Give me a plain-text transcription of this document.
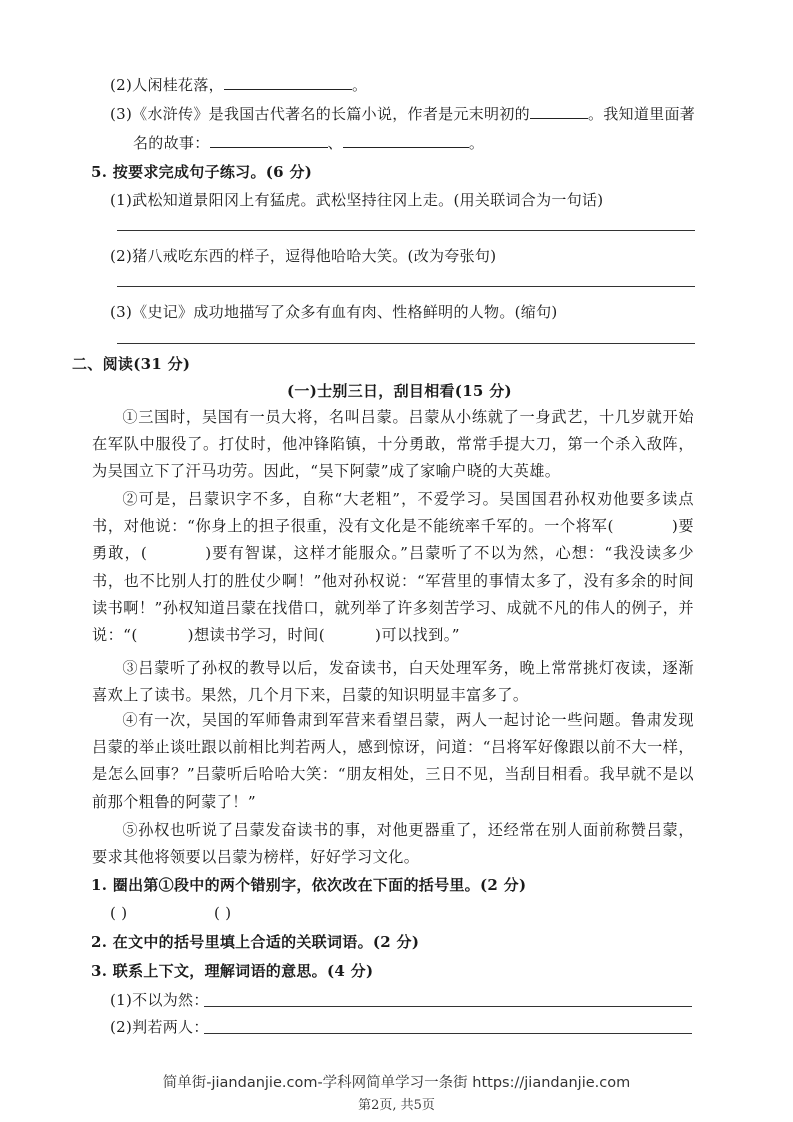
(2)人闲桂花落，	。
(3)《水浒传》是我国古代著名的长篇小说，作者是元末明初的	。我知道里面著
名的故事：	、	。
5. 按要求完成句子练习。(6 分)
(1)武松知道景阳冈上有猛虎。武松坚持往冈上走。(用关联词合为一句话)
(2)猪八戒吃东西的样子，逗得他哈哈大笑。(改为夸张句)
(3)《史记》成功地描写了众多有血有肉、性格鲜明的人物。(缩句)
二、阅读(31 分)
(一)士别三日，刮目相看(15 分)
①三国时，吴国有一员大将，名叫吕蒙。吕蒙从小练就了一身武艺，十几岁就开始在军队中服役了。打仗时，他冲锋陷镇，十分勇敢，常常手提大刀，第一个杀入敌阵，为吴国立下了汗马功劳。因此，“吴下阿蒙”成了家喻户晓的大英雄。
②可是，吕蒙识字不多，自称“大老粗”，不爱学习。吴国国君孙权劝他要多读点书，对他说：“你身上的担子很重，没有文化是不能统率千军的。一个将军(	)要勇敢，(	)要有智谋，这样才能服众。”吕蒙听了不以为然，心想：“我没读多少书，也不比别人打的胜仗少啊！”他对孙权说：“军营里的事情太多了，没有多余的时间读书啊！”孙权知道吕蒙在找借口，就列举了许多刻苦学习、成就不凡的伟人的例子，并说：“(	)想读书学习，时间(	)可以找到。”
③吕蒙听了孙权的教导以后，发奋读书，白天处理军务，晚上常常挑灯夜读，逐渐喜欢上了读书。果然，几个月下来，吕蒙的知识明显丰富多了。
④有一次，吴国的军师鲁肃到军营来看望吕蒙，两人一起讨论一些问题。鲁肃发现吕蒙的举止谈吐跟以前相比判若两人，感到惊讶，问道：“吕将军好像跟以前不大一样，是怎么回事？”吕蒙听后哈哈大笑：“朋友相处，三日不见，当刮目相看。我早就不是以前那个粗鲁的阿蒙了！”
⑤孙权也听说了吕蒙发奋读书的事，对他更器重了，还经常在别人面前称赞吕蒙，要求其他将领要以吕蒙为榜样，好好学习文化。
1. 圈出第①段中的两个错别字，依次改在下面的括号里。(2 分)
( )	( )
2. 在文中的括号里填上合适的关联词语。(2 分)
3. 联系上下文，理解词语的意思。(4 分)
(1)不以为然：
(2)判若两人：
简单街-jiandanjie.com-学科网简单学习一条街 https://jiandanjie.com
第2页, 共5页
